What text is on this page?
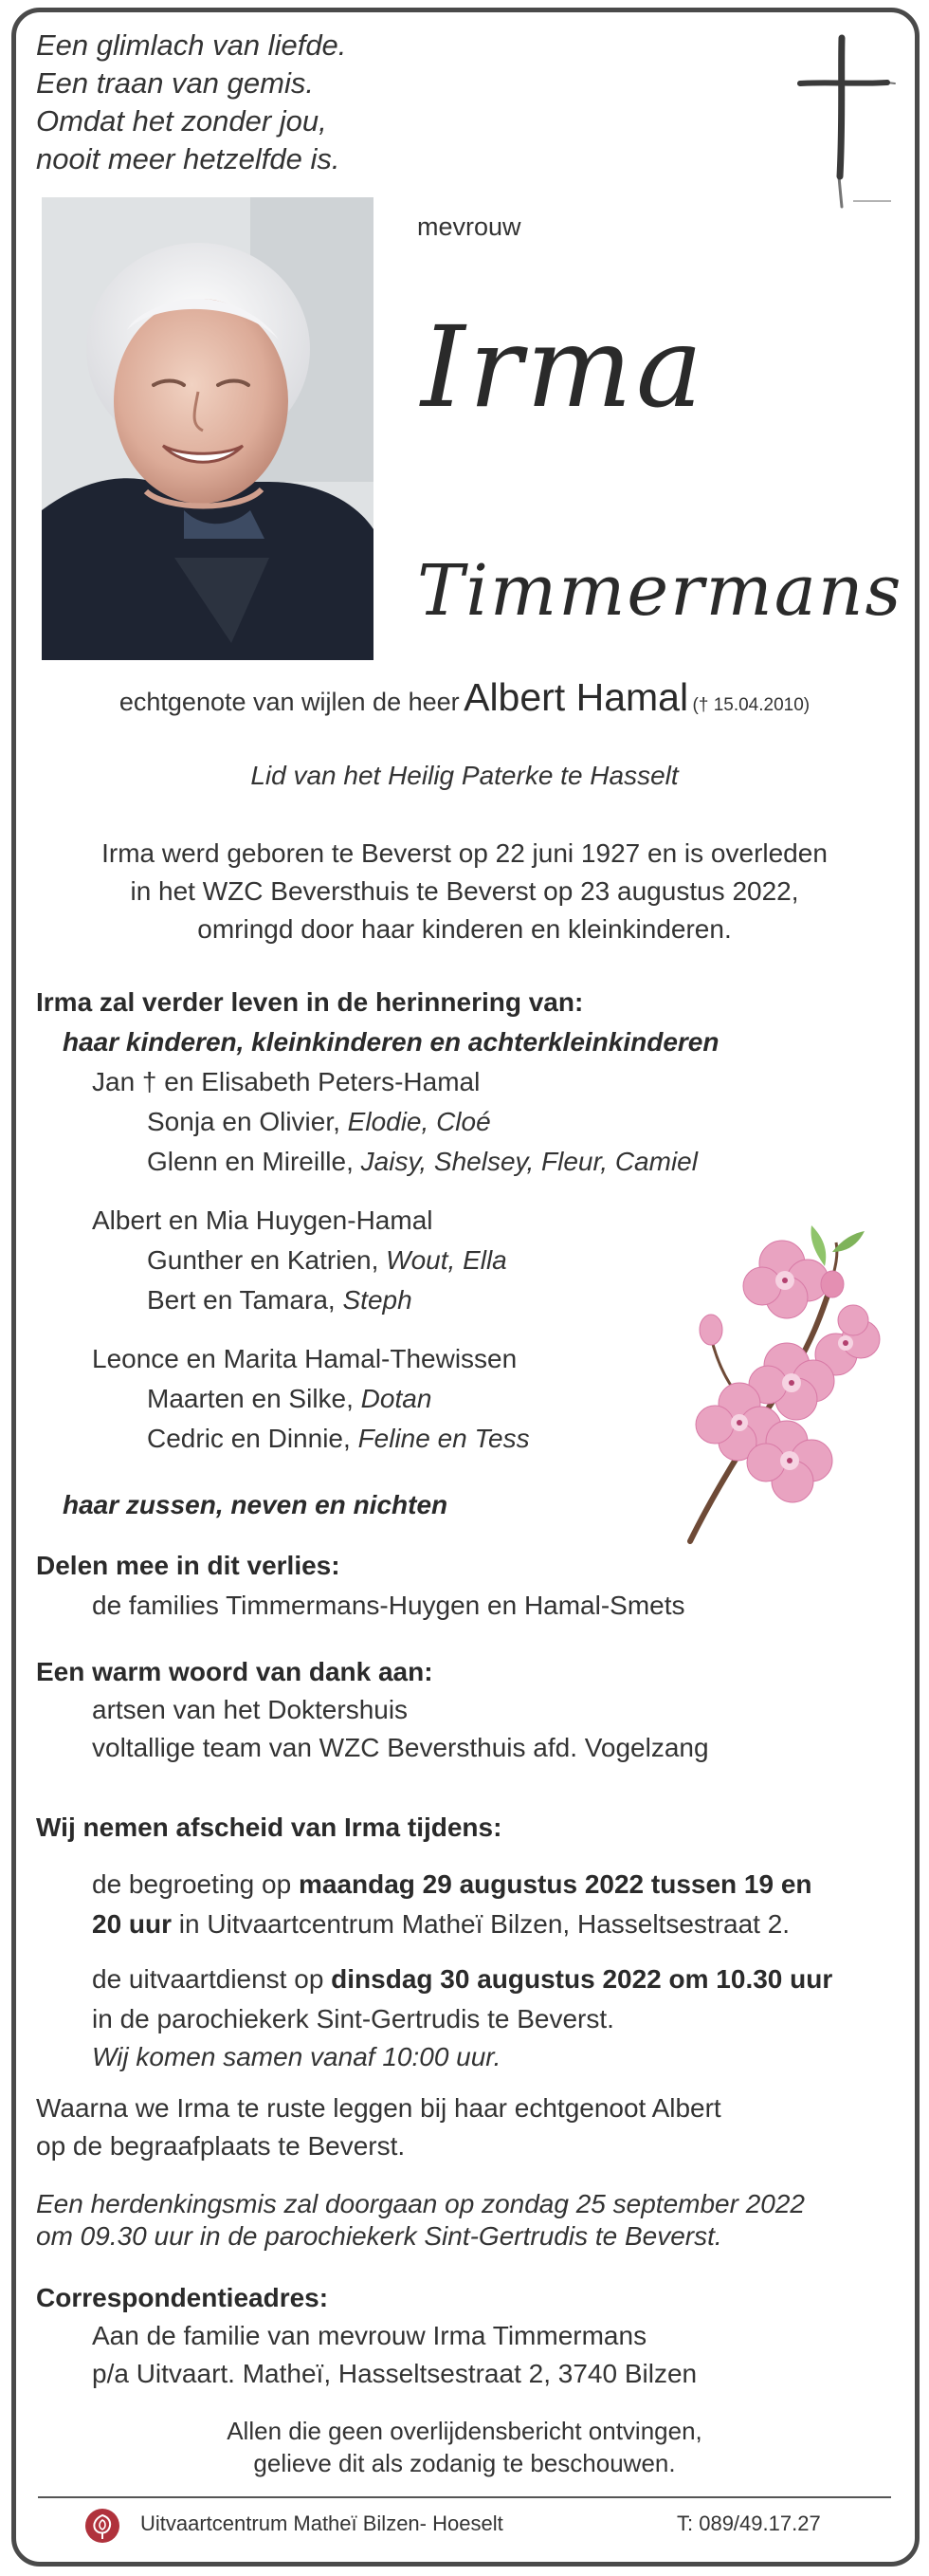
Een glimlach van liefde.
Een traan van gemis.
Omdat het zonder jou,
nooit meer hetzelfde is.
mevrouw
Irma
Timmermans
echtgenote van wijlen de heer Albert Hamal († 15.04.2010)
Lid van het Heilig Paterke te Hasselt
Irma werd geboren te Beverst op 22 juni 1927 en is overleden
in het WZC Beversthuis te Beverst op 23 augustus 2022,
omringd door haar kinderen en kleinkinderen.
Irma zal verder leven in de herinnering van:
haar kinderen, kleinkinderen en achterkleinkinderen
Jan † en Elisabeth Peters-Hamal
Sonja en Olivier, Elodie, Cloé
Glenn en Mireille, Jaisy, Shelsey, Fleur, Camiel
Albert en Mia Huygen-Hamal
Gunther en Katrien, Wout, Ella
Bert en Tamara, Steph
Leonce en Marita Hamal-Thewissen
Maarten en Silke, Dotan
Cedric en Dinnie, Feline en Tess
haar zussen, neven en nichten
Delen mee in dit verlies:
de families Timmermans-Huygen en Hamal-Smets
Een warm woord van dank aan:
artsen van het Doktershuis
voltallige team van WZC Beversthuis afd. Vogelzang
Wij nemen afscheid van Irma tijdens:
de begroeting op maandag 29 augustus 2022 tussen 19 en
20 uur in Uitvaartcentrum Matheï Bilzen, Hasseltsestraat 2.
de uitvaartdienst op dinsdag 30 augustus 2022 om 10.30 uur
in de parochiekerk Sint-Gertrudis te Beverst.
Wij komen samen vanaf 10:00 uur.
Waarna we Irma te ruste leggen bij haar echtgenoot Albert
op de begraafplaats te Beverst.
Een herdenkingsmis zal doorgaan op zondag 25 september 2022
om 09.30 uur in de parochiekerk Sint-Gertrudis te Beverst.
Correspondentieadres:
Aan de familie van mevrouw Irma Timmermans
p/a Uitvaart. Matheï, Hasseltsestraat 2, 3740 Bilzen
Allen die geen overlijdensbericht ontvingen,
gelieve dit als zodanig te beschouwen.
Uitvaartcentrum Matheï Bilzen- Hoeselt	T: 089/49.17.27
